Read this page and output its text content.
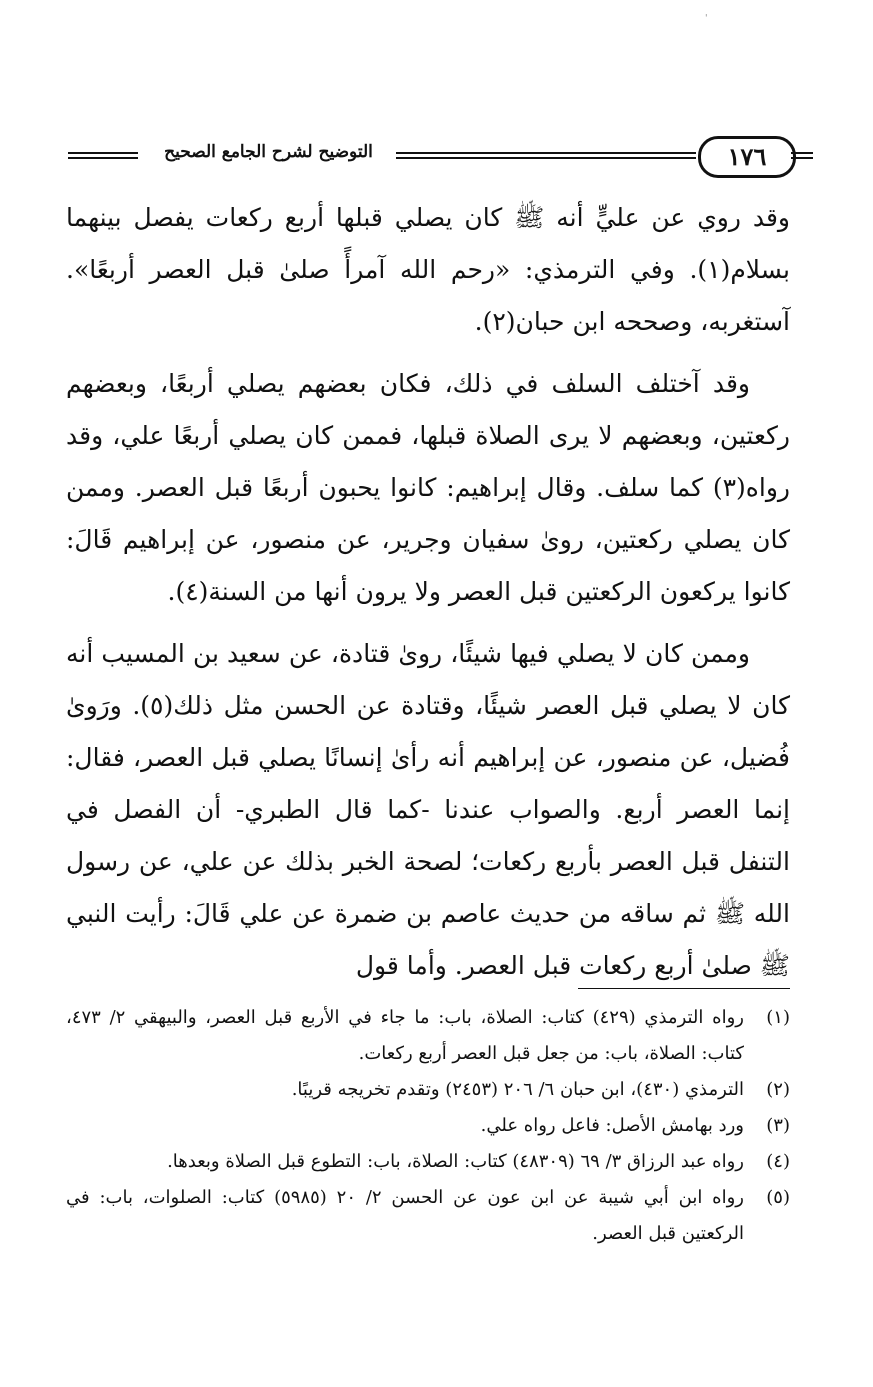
'
التوضيح لشرح الجامع الصحيح	١٧٦

وقد روي عن عليٍّ أنه ﷺ كان يصلي قبلها أربع ركعات يفصل بينهما بسلام(١). وفي الترمذي: «رحم الله آمرأً صلىٰ قبل العصر أربعًا». آستغربه، وصححه ابن حبان(٢).

وقد آختلف السلف في ذلك، فكان بعضهم يصلي أربعًا، وبعضهم ركعتين، وبعضهم لا يرى الصلاة قبلها، فممن كان يصلي أربعًا علي، وقد رواه(٣) كما سلف. وقال إبراهيم: كانوا يحبون أربعًا قبل العصر. وممن كان يصلي ركعتين، روىٰ سفيان وجرير، عن منصور، عن إبراهيم قَالَ: كانوا يركعون الركعتين قبل العصر ولا يرون أنها من السنة(٤).

وممن كان لا يصلي فيها شيئًا، روىٰ قتادة، عن سعيد بن المسيب أنه كان لا يصلي قبل العصر شيئًا، وقتادة عن الحسن مثل ذلك(٥). ورَوىٰ فُضيل، عن منصور، عن إبراهيم أنه رأىٰ إنسانًا يصلي قبل العصر، فقال: إنما العصر أربع. والصواب عندنا -كما قال الطبري- أن الفصل في التنفل قبل العصر بأربع ركعات؛ لصحة الخبر بذلك عن علي، عن رسول الله ﷺ ثم ساقه من حديث عاصم بن ضمرة عن علي قَالَ: رأيت النبي ﷺ صلىٰ أربع ركعات قبل العصر. وأما قول

(١)
رواه الترمذي (٤٢٩) كتاب: الصلاة، باب: ما جاء في الأربع قبل العصر، والبيهقي ٢/ ٤٧٣، كتاب: الصلاة، باب: من جعل قبل العصر أربع ركعات.
(٢)
الترمذي (٤٣٠)، ابن حبان ٦/ ٢٠٦ (٢٤٥٣) وتقدم تخريجه قريبًا.
(٣)
ورد بهامش الأصل: فاعل رواه علي.
(٤)
رواه عبد الرزاق ٣/ ٦٩ (٤٨٣٠٩) كتاب: الصلاة، باب: التطوع قبل الصلاة وبعدها.
(٥)
رواه ابن أبي شيبة عن ابن عون عن الحسن ٢/ ٢٠ (٥٩٨٥) كتاب: الصلوات، باب: في الركعتين قبل العصر.
